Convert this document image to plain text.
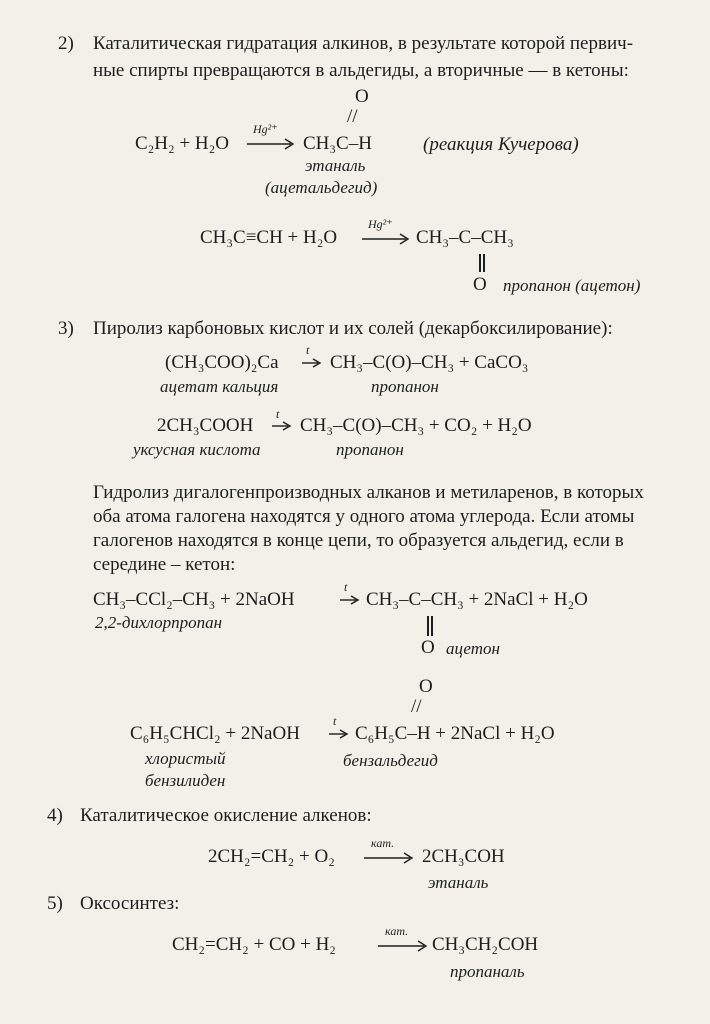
2) Каталитическая гидратация алкинов, в результате которой первич-
ные спирты превращаются в альдегиды, а вторичные — в кетоны:
O
//
C₂H₂ + H₂O
Hg²⁺
→ CH₃C–H	(реакция Кучерова)
этаналь
(ацетальдегид)
CH₃C≡CH + H₂O
Hg²⁺
→ CH₃–C–CH₃
O пропанон (ацетон)
3) Пиролиз карбоновых кислот и их солей (декарбоксилирование):
(CH₃COO)₂Ca
t
→ CH₃–C(O)–CH₃ + CaCO₃
ацетат кальция	пропанон
2CH₃COOH
t
→ CH₃–C(O)–CH₃ + CO₂ + H₂O
уксусная кислота	пропанон
Гидролиз дигалогенпроизводных алканов и метиларенов, в которых
оба атома галогена находятся у одного атома углерода. Если атомы
галогенов находятся в конце цепи, то образуется альдегид, если в
середине – кетон:
CH₃–CCl₂–CH₃ + 2NaOH
t
→ CH₃–C–CH₃ + 2NaCl + H₂O
2,2-дихлорпропан
O ацетон
O
//
C₆H₅CHCl₂ + 2NaOH
t
→ C₆H₅C–H + 2NaCl + H₂O
хлористый
бензилиден
бензальдегид
4) Каталитическое окисление алкенов:
2CH₂=CH₂ + O₂
кат.
→ 2CH₃COH
этаналь
5) Оксосинтез:
CH₂=CH₂ + CO + H₂
кат.
→ CH₃CH₂COH
пропаналь
